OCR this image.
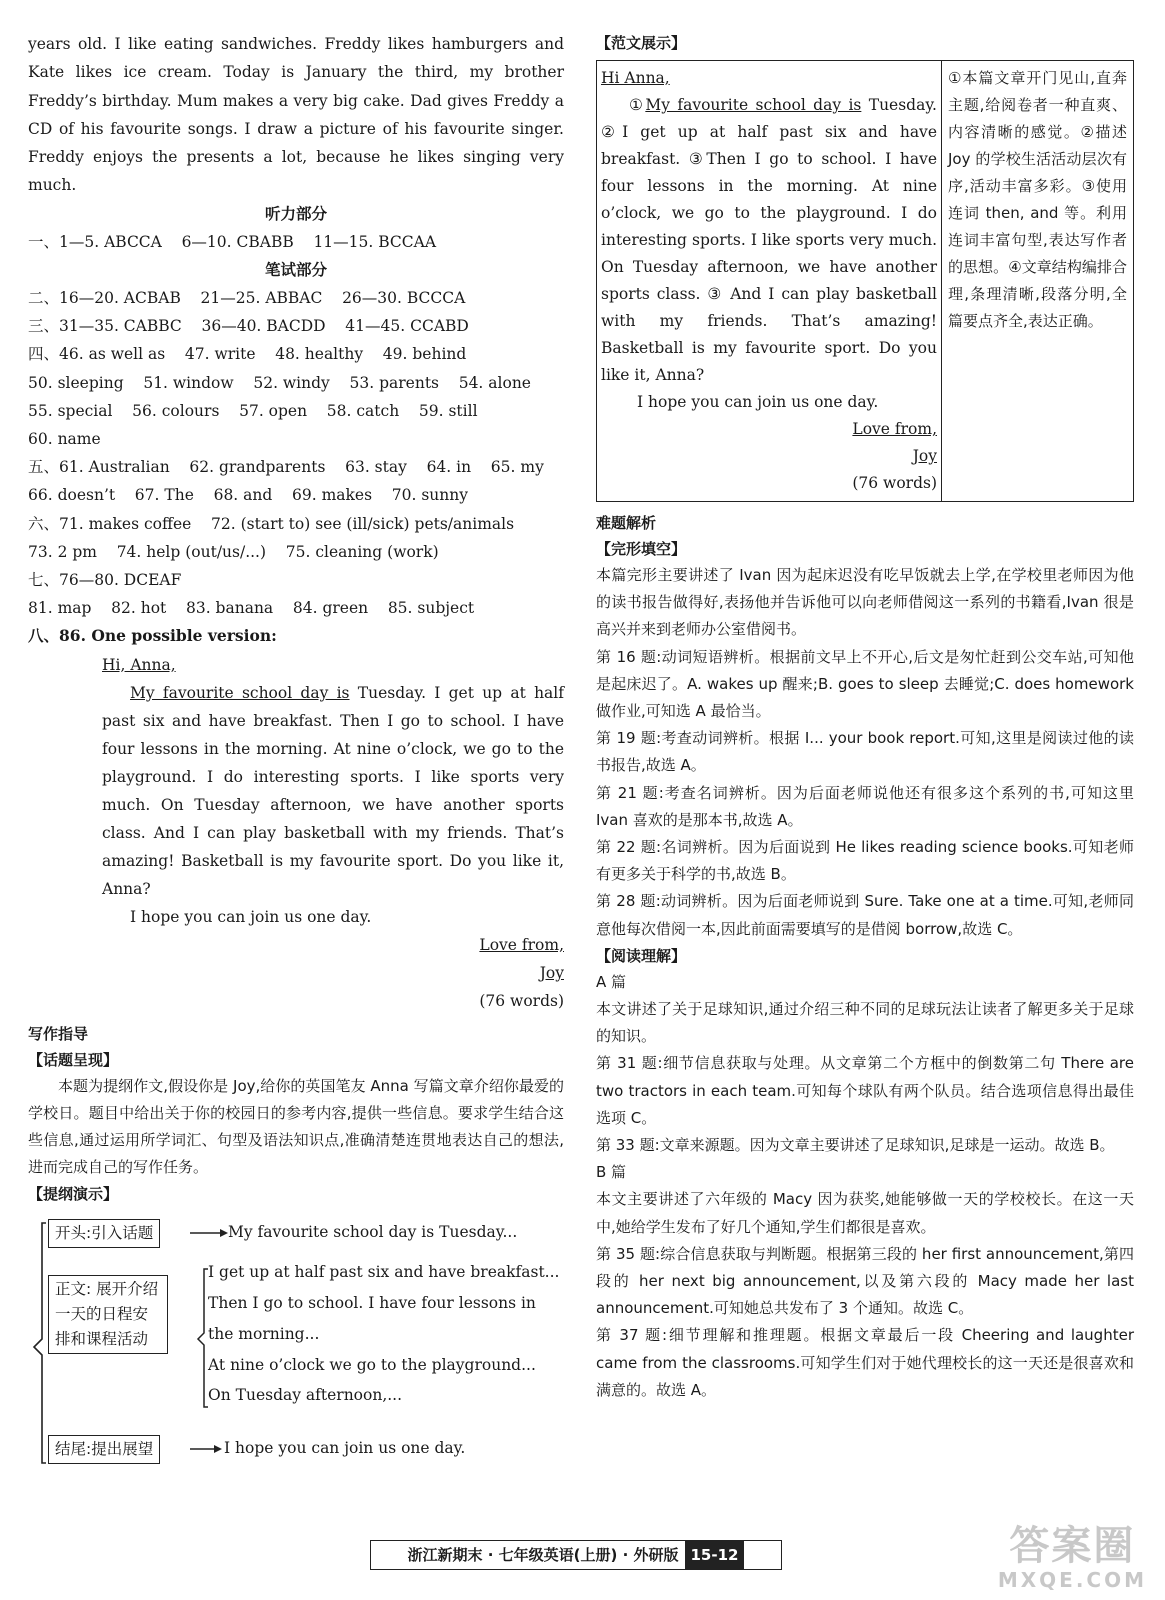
years old. I like eating sandwiches. Freddy likes hamburgers and Kate likes ice cream. Today is January the third, my brother Freddy’s birthday. Mum makes a very big cake. Dad gives Freddy a CD of his favourite songs. I draw a picture of his favourite singer. Freddy enjoys the presents a lot, because he likes singing very much.

听力部分

一、1—5. ABCCA    6—10. CBABB    11—15. BCCAA

笔试部分

二、16—20. ACBAB    21—25. ABBAC    26—30. BCCCA

三、31—35. CABBC    36—40. BACDD    41—45. CCABD

四、46. as well as    47. write    48. healthy    49. behind

50. sleeping    51. window    52. windy    53. parents    54. alone

55. special    56. colours    57. open    58. catch    59. still

60. name

五、61. Australian    62. grandparents    63. stay    64. in    65. my

66. doesn’t    67. The    68. and    69. makes    70. sunny

六、71. makes coffee    72. (start to) see (ill/sick) pets/animals

73. 2 pm    74. help (out/us/...)    75. cleaning (work)

七、76—80. DCEAF

81. map    82. hot    83. banana    84. green    85. subject

八、86. One possible version:

Hi, Anna,

My favourite school day is Tuesday. I get up at half past six and have breakfast. Then I go to school. I have four lessons in the morning. At nine o’clock, we go to the playground. I do interesting sports. I like sports very much. On Tuesday afternoon, we have another sports class. And I can play basketball with my friends. That’s amazing! Basketball is my favourite sport. Do you like it, Anna?

I hope you can join us one day.

Love from,

Joy

(76 words)

写作指导

【话题呈现】

本题为提纲作文,假设你是 Joy,给你的英国笔友 Anna 写篇文章介绍你最爱的学校日。题目中给出关于你的校园日的参考内容,提供一些信息。要求学生结合这些信息,通过运用所学词汇、句型及语法知识点,准确清楚连贯地表达自己的想法,进而完成自己的写作任务。

【提纲演示】

开头:引入话题	My favourite school day is Tuesday...
正文: 展开介绍一天的日程安排和课程活动
I get up at half past six and have breakfast...
Then I go to school. I have four lessons in
the morning...
At nine o’clock we go to the playground...
On Tuesday afternoon,...
结尾:提出展望	I hope you can join us one day.

【范文展示】

Hi Anna,

①My favourite school day is Tuesday. ②I get up at half past six and have breakfast. ③Then I go to school. I have four lessons in the morning. At nine o’clock, we go to the playground. I do interesting sports. I like sports very much. On Tuesday afternoon, we have another sports class. ③ And I can play basketball with my friends. That’s amazing! Basketball is my favourite sport. Do you like it, Anna?

I hope you can join us one day.

Love from,

Joy

(76 words)

①本篇文章开门见山,直奔主题,给阅卷者一种直爽、内容清晰的感觉。②描述 Joy 的学校生活活动层次有序,活动丰富多彩。③使用连词 then, and 等。利用连词丰富句型,表达写作者的思想。④文章结构编排合理,条理清晰,段落分明,全篇要点齐全,表达正确。

难题解析

【完形填空】

本篇完形主要讲述了 Ivan 因为起床迟没有吃早饭就去上学,在学校里老师因为他的读书报告做得好,表扬他并告诉他可以向老师借阅这一系列的书籍看,Ivan 很是高兴并来到老师办公室借阅书。

第 16 题:动词短语辨析。根据前文早上不开心,后文是匆忙赶到公交车站,可知他是起床迟了。A. wakes up 醒来;B. goes to sleep 去睡觉;C. does homework 做作业,可知选 A 最恰当。

第 19 题:考查动词辨析。根据 I... your book report.可知,这里是阅读过他的读书报告,故选 A。

第 21 题:考查名词辨析。因为后面老师说他还有很多这个系列的书,可知这里 Ivan 喜欢的是那本书,故选 A。

第 22 题:名词辨析。因为后面说到 He likes reading science books.可知老师有更多关于科学的书,故选 B。

第 28 题:动词辨析。因为后面老师说到 Sure. Take one at a time.可知,老师同意他每次借阅一本,因此前面需要填写的是借阅 borrow,故选 C。

【阅读理解】

A 篇

本文讲述了关于足球知识,通过介绍三种不同的足球玩法让读者了解更多关于足球的知识。

第 31 题:细节信息获取与处理。从文章第二个方框中的倒数第二句 There are two tractors in each team.可知每个球队有两个队员。结合选项信息得出最佳选项 C。

第 33 题:文章来源题。因为文章主要讲述了足球知识,足球是一运动。故选 B。

B 篇

本文主要讲述了六年级的 Macy 因为获奖,她能够做一天的学校校长。在这一天中,她给学生发布了好几个通知,学生们都很是喜欢。

第 35 题:综合信息获取与判断题。根据第三段的 her first announcement,第四段的 her next big announcement,以及第六段的 Macy made her last announcement.可知她总共发布了 3 个通知。故选 C。

第 37 题:细节理解和推理题。根据文章最后一段 Cheering and laughter came from the classrooms.可知学生们对于她代理校长的这一天还是很喜欢和满意的。故选 A。

浙江新期末 · 七年级英语(上册) · 外研版 15-12	答案圈
MXQE.COM
